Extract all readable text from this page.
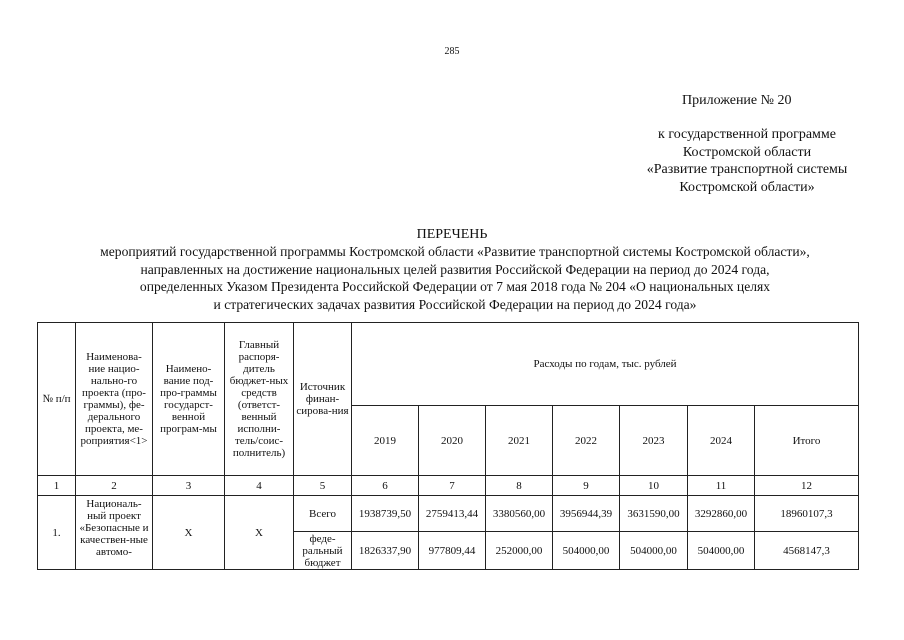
285
Приложение № 20
к государственной программе
Костромской области
«Развитие транспортной системы
Костромской области»
ПЕРЕЧЕНЬ
мероприятий государственной программы Костромской области «Развитие транспортной системы Костромской области»,
направленных на достижение национальных целей развития Российской Федерации на период до 2024 года,
определенных Указом Президента Российской Федерации от 7 мая 2018 года № 204 «О национальных целях
и стратегических задачах развития Российской Федерации на период до 2024 года»
№ п/п	Наименова-ние нацио-нально-го проекта (про-граммы), фе-дерального проекта, ме-роприятия<1>	Наимено-вание под-про-граммы государст-венной програм-мы	Главный распоря-дитель бюджет-ных средств (ответст-венный исполни-тель/соис-полнитель)	Источник финан-сирова-ния	Расходы по годам, тыс. рублей						
					2019	2020	2021	2022	2023	2024	Итого
1	2	3	4	5	6	7	8	9	10	11	12
1.	Националь-ный проект «Безопасные и качествен-ные автомо-	X	X	Всего	1938739,50	2759413,44	3380560,00	3956944,39	3631590,00	3292860,00	18960107,3
				феде-ральный бюджет	1826337,90	977809,44	252000,00	504000,00	504000,00	504000,00	4568147,3
